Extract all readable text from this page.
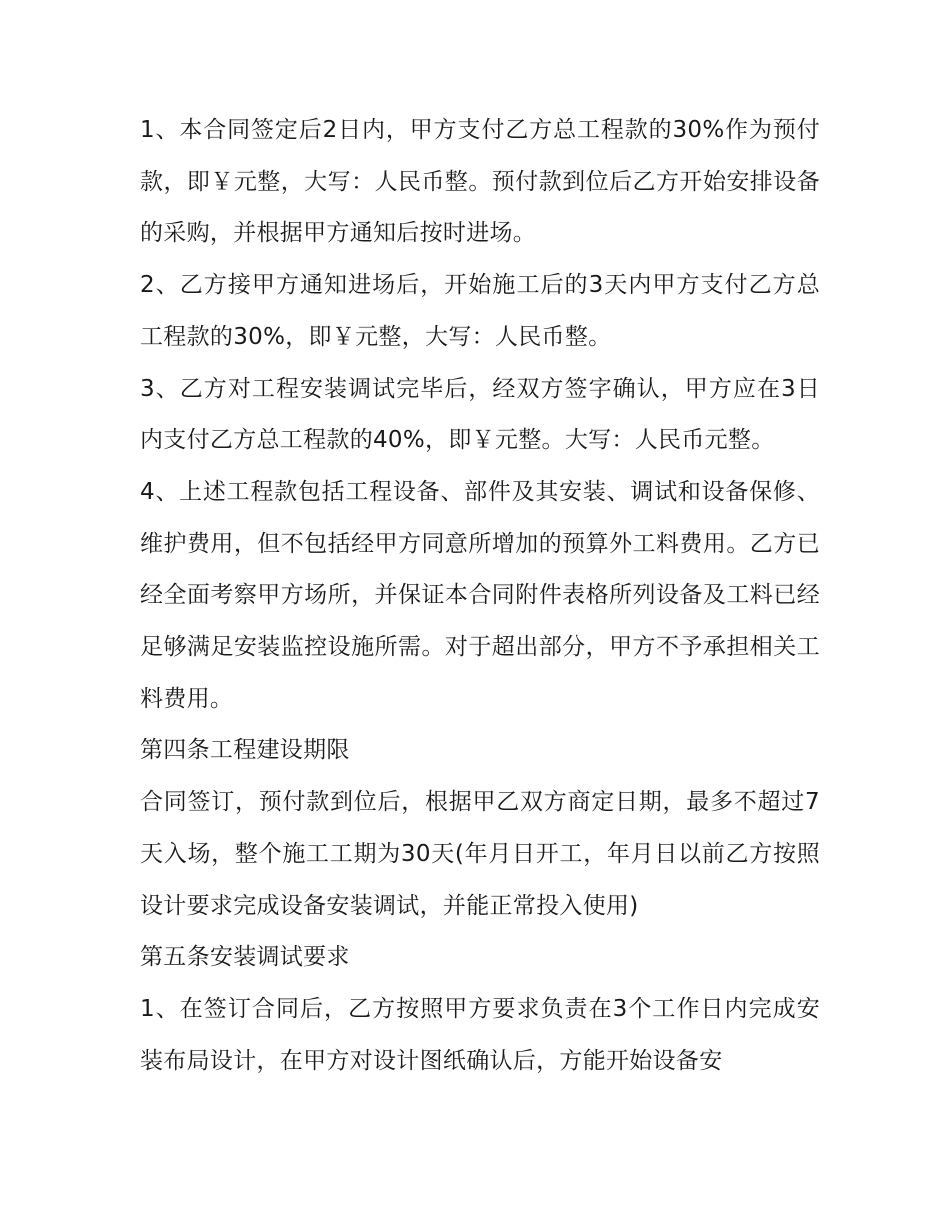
1、本合同签定后2日内，甲方支付乙方总工程款的30%作为预付款，即￥元整，大写：人民币整。预付款到位后乙方开始安排设备的采购，并根据甲方通知后按时进场。

2、乙方接甲方通知进场后，开始施工后的3天内甲方支付乙方总工程款的30%，即￥元整，大写：人民币整。

3、乙方对工程安装调试完毕后，经双方签字确认，甲方应在3日内支付乙方总工程款的40%，即￥元整。大写：人民币元整。

4、上述工程款包括工程设备、部件及其安装、调试和设备保修、维护费用，但不包括经甲方同意所增加的预算外工料费用。乙方已经全面考察甲方场所，并保证本合同附件表格所列设备及工料已经足够满足安装监控设施所需。对于超出部分，甲方不予承担相关工料费用。

第四条工程建设期限

合同签订，预付款到位后，根据甲乙双方商定日期，最多不超过7天入场，整个施工工期为30天(年月日开工，年月日以前乙方按照设计要求完成设备安装调试，并能正常投入使用)

第五条安装调试要求

1、在签订合同后，乙方按照甲方要求负责在3个工作日内完成安装布局设计，在甲方对设计图纸确认后，方能开始设备安
